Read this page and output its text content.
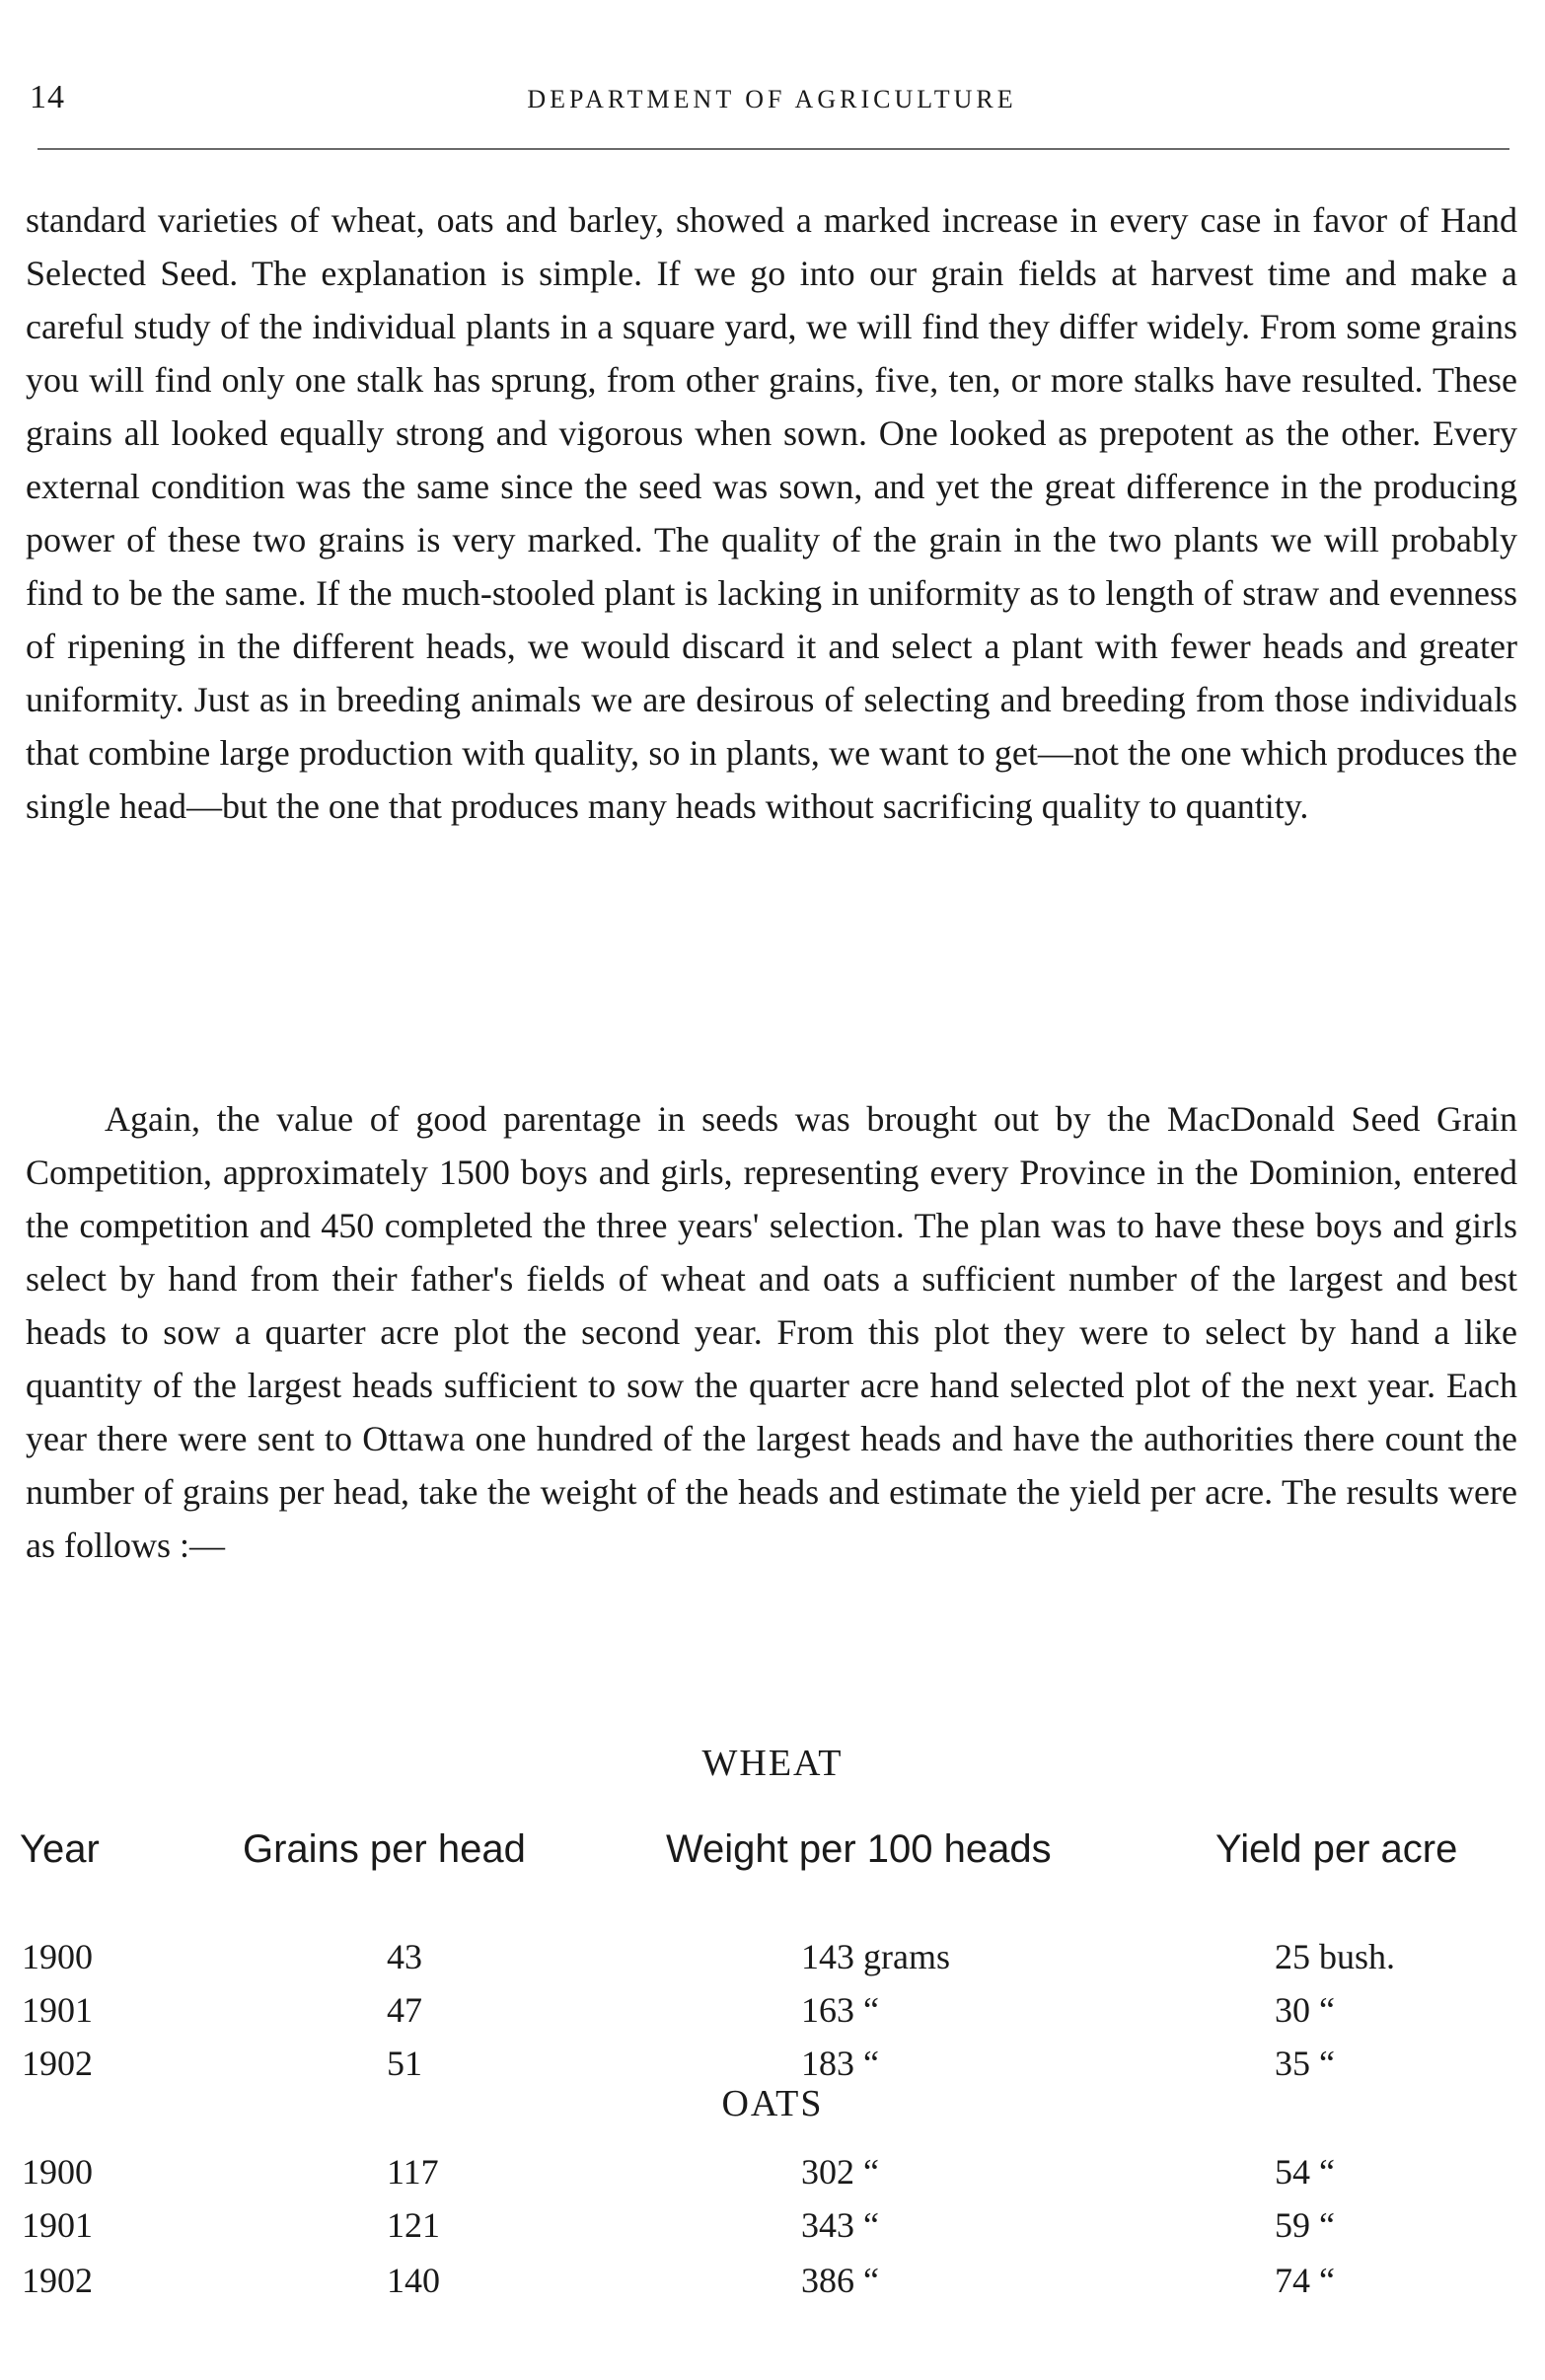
14	DEPARTMENT OF AGRICULTURE

standard varieties of wheat, oats and barley, showed a marked increase in every case in favor of Hand Selected Seed. The explanation is simple. If we go into our grain fields at harvest time and make a careful study of the individual plants in a square yard, we will find they differ widely. From some grains you will find only one stalk has sprung, from other grains, five, ten, or more stalks have resulted. These grains all looked equally strong and vigorous when sown. One looked as prepotent as the other. Every external condition was the same since the seed was sown, and yet the great difference in the producing power of these two grains is very marked. The quality of the grain in the two plants we will probably find to be the same. If the much-stooled plant is lacking in uniformity as to length of straw and evenness of ripening in the different heads, we would discard it and select a plant with fewer heads and greater uniformity. Just as in breeding animals we are desirous of selecting and breeding from those individuals that combine large production with quality, so in plants, we want to get—not the one which produces the single head—but the one that produces many heads without sacrificing quality to quantity.

Again, the value of good parentage in seeds was brought out by the MacDonald Seed Grain Competition, approximately 1500 boys and girls, representing every Province in the Dominion, entered the competition and 450 completed the three years' selection. The plan was to have these boys and girls select by hand from their father's fields of wheat and oats a sufficient number of the largest and best heads to sow a quarter acre plot the second year. From this plot they were to select by hand a like quantity of the largest heads sufficient to sow the quarter acre hand selected plot of the next year. Each year there were sent to Ottawa one hundred of the largest heads and have the authorities there count the number of grains per head, take the weight of the heads and estimate the yield per acre. The results were as follows :—

WHEAT
Year	Grains per head	Weight per 100 heads	Yield per acre
1900	43	143 grams	25 bush.
1901	47	163 “	30 “
1902	51	183 “	35 “
OATS
1900	117	302 “	54 “
1901	121	343 “	59 “
1902	140	386 “	74 “
